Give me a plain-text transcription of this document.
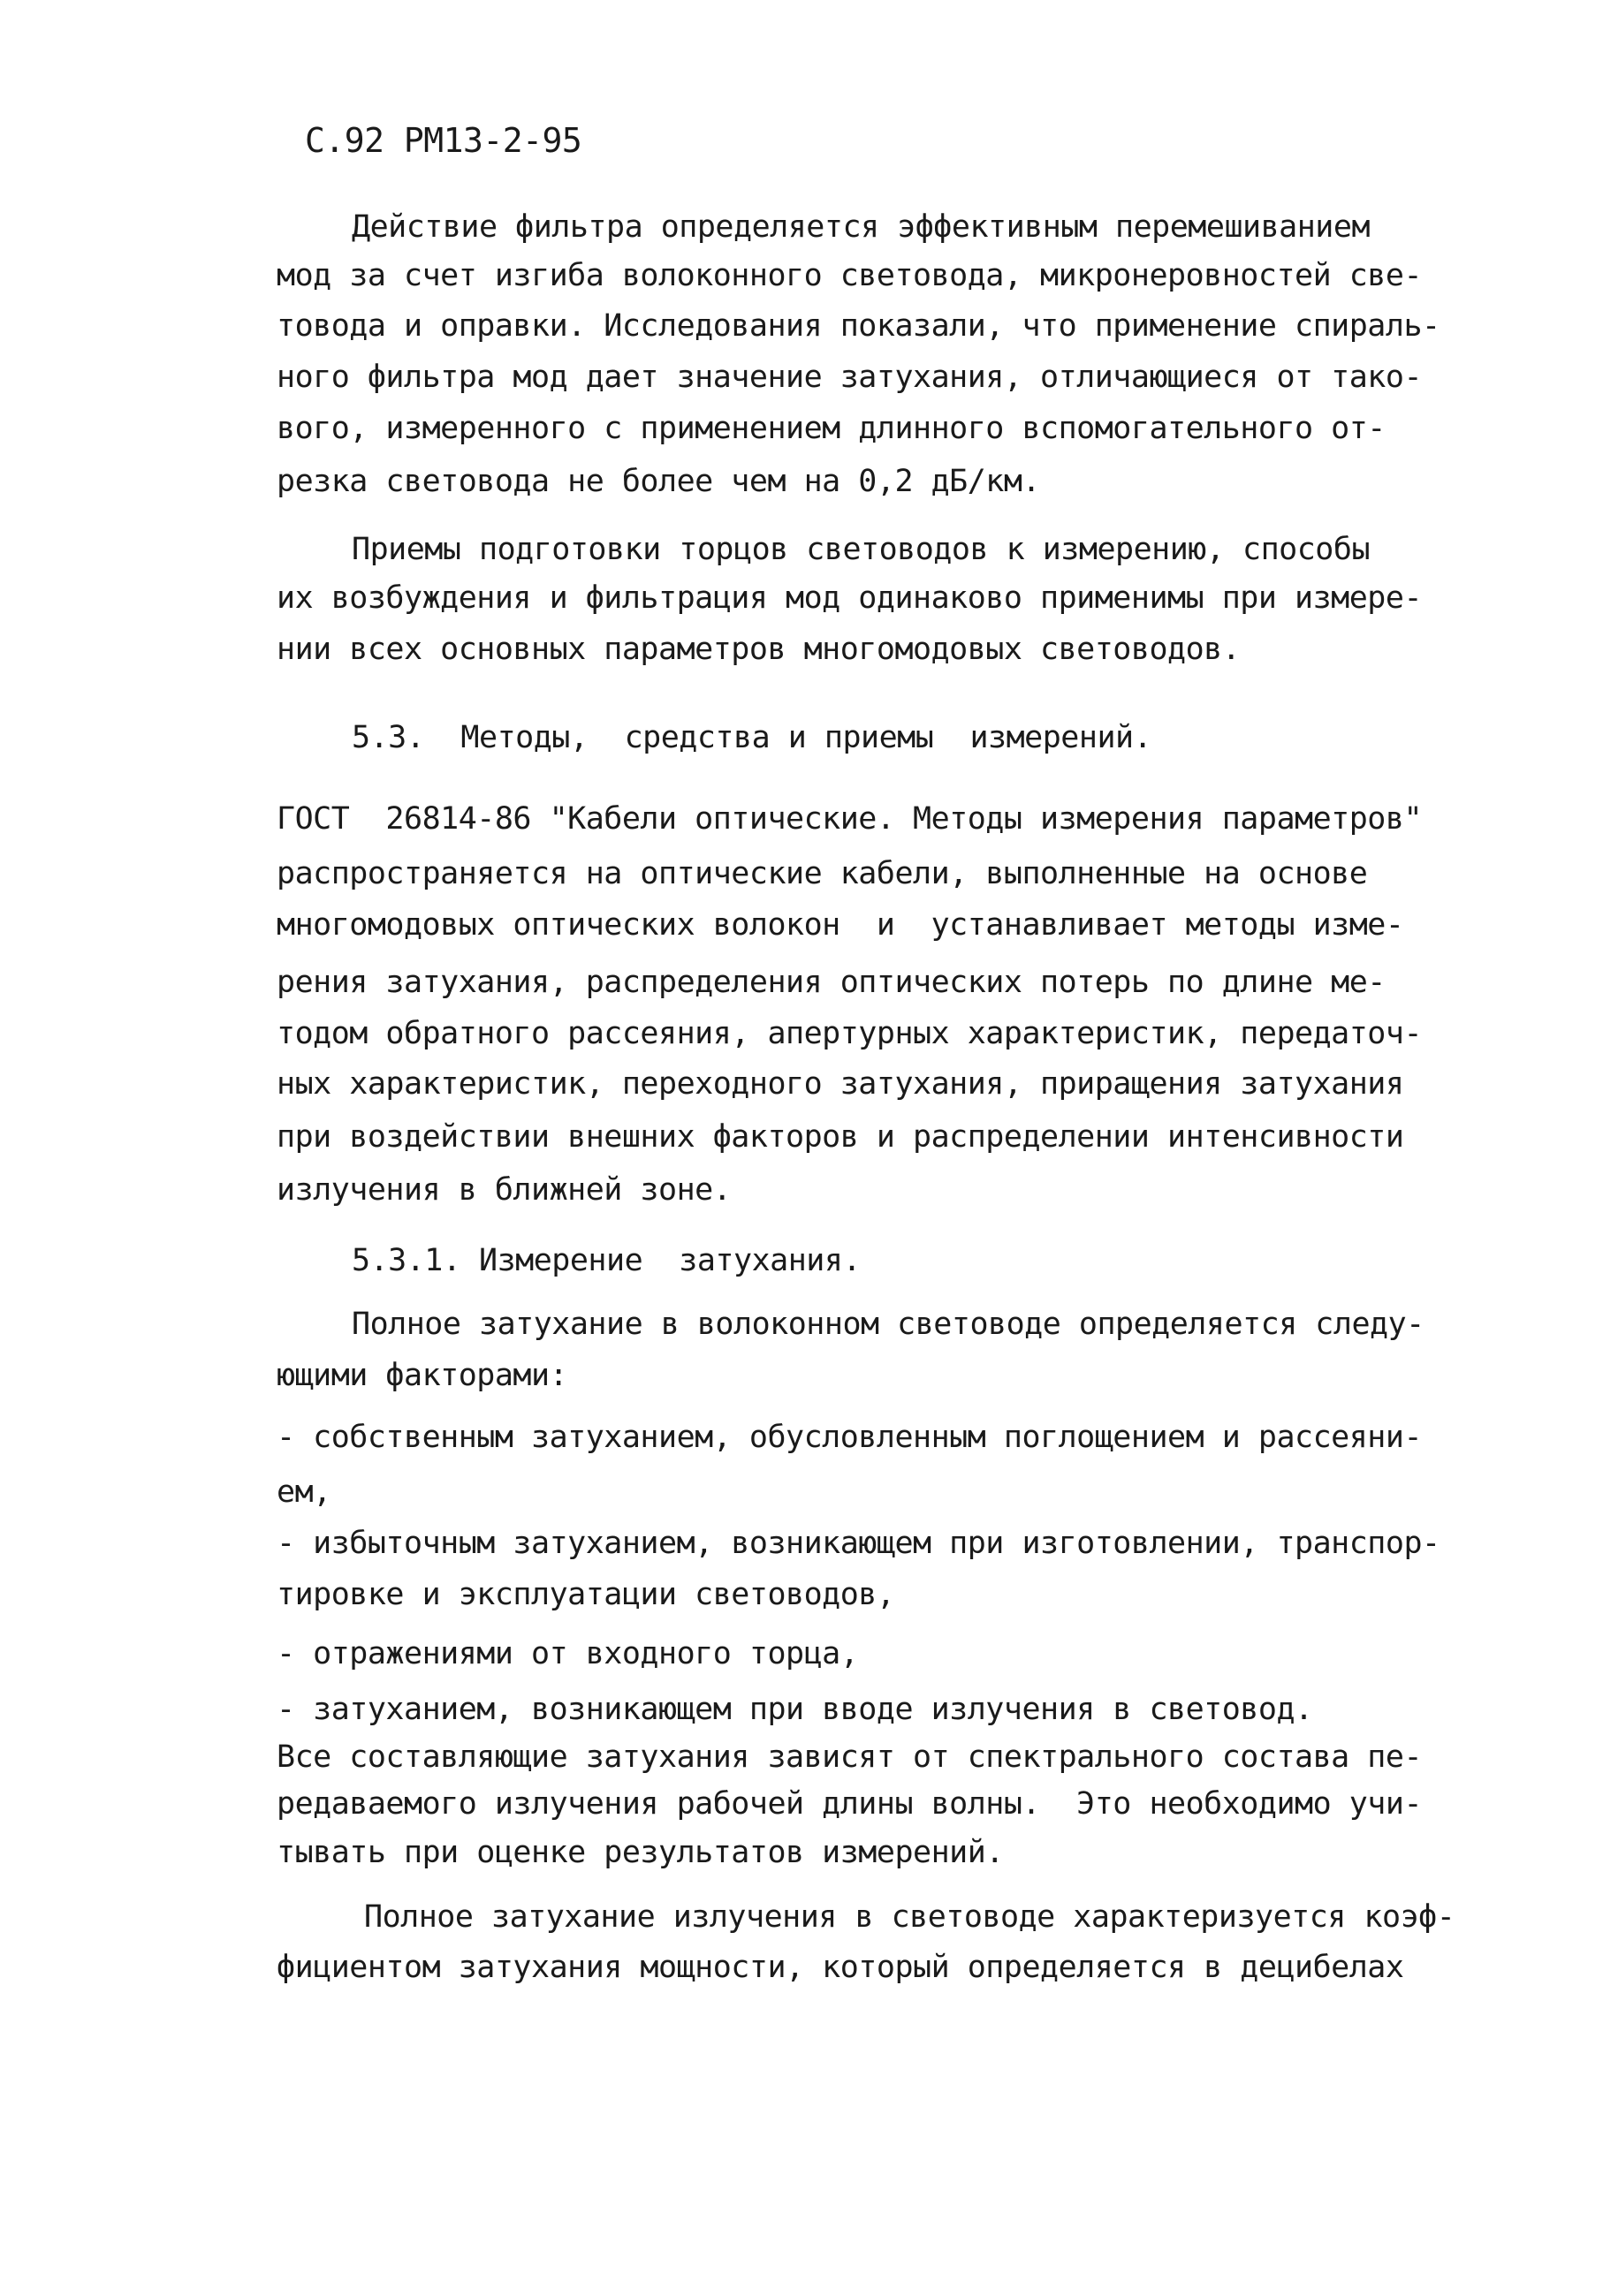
С.92 РМ13-2-95
Действие фильтра определяется эффективным перемешиванием
мод за счет изгиба волоконного световода, микронеровностей све-
товода и оправки. Исследования показали, что применение спираль-
ного фильтра мод дает значение затухания, отличающиеся от тако-
вого, измеренного с применением длинного вспомогательного от-
резка световода не более чем на 0,2 дБ/км.
Приемы подготовки торцов световодов к измерению, способы
их возбуждения и фильтрация мод одинаково применимы при измере-
нии всех основных параметров многомодовых световодов.
5.3.  Методы,  средства и приемы  измерений.
ГОСТ  26814-86 "Кабели оптические. Методы измерения параметров"
распространяется на оптические кабели, выполненные на основе
многомодовых оптических волокон  и  устанавливает методы изме-
рения затухания, распределения оптических потерь по длине ме-
тодом обратного рассеяния, апертурных характеристик, передаточ-
ных характеристик, переходного затухания, приращения затухания
при воздействии внешних факторов и распределении интенсивности
излучения в ближней зоне.
5.3.1. Измерение  затухания.
Полное затухание в волоконном световоде определяется следу-
ющими факторами:
- собственным затуханием, обусловленным поглощением и рассеяни-
ем,
- избыточным затуханием, возникающем при изготовлении, транспор-
тировке и эксплуатации световодов,
- отражениями от входного торца,
- затуханием, возникающем при вводе излучения в световод.
Все составляющие затухания зависят от спектрального состава пе-
редаваемого излучения рабочей длины волны.  Это необходимо учи-
тывать при оценке результатов измерений.
Полное затухание излучения в световоде характеризуется коэф-
фициентом затухания мощности, который определяется в децибелах
